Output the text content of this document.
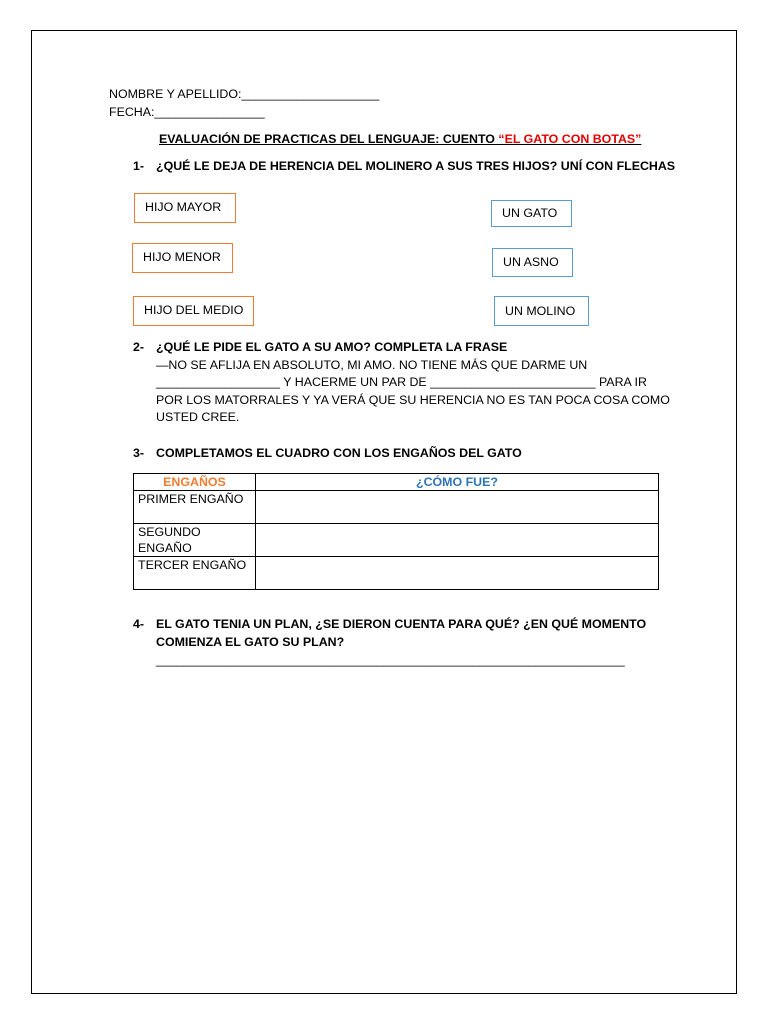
NOMBRE Y APELLIDO:____________________
FECHA:________________
EVALUACIÓN DE PRACTICAS DEL LENGUAJE: CUENTO “EL GATO CON BOTAS”
1- ¿QUÉ LE DEJA DE HERENCIA DEL MOLINERO A SUS TRES HIJOS? UNÍ CON FLECHAS
HIJO MAYOR
HIJO MENOR
HIJO DEL MEDIO
UN GATO
UN ASNO
UN MOLINO
2- ¿QUÉ LE PIDE EL GATO A SU AMO? COMPLETA LA FRASE
—NO SE AFLIJA EN ABSOLUTO, MI AMO. NO TIENE MÁS QUE DARME UN
__________________ Y HACERME UN PAR DE ________________________ PARA IR
POR LOS MATORRALES Y YA VERÁ QUE SU HERENCIA NO ES TAN POCA COSA COMO
USTED CREE.
3- COMPLETAMOS EL CUADRO CON LOS ENGAÑOS DEL GATO
ENGAÑOS	¿CÓMO FUE?
PRIMER ENGAÑO	
SEGUNDO ENGAÑO	
TERCER ENGAÑO	
4- EL GATO TENIA UN PLAN, ¿SE DIERON CUENTA PARA QUÉ? ¿EN QUÉ MOMENTO
COMIENZA EL GATO SU PLAN?
____________________________________________________________________
